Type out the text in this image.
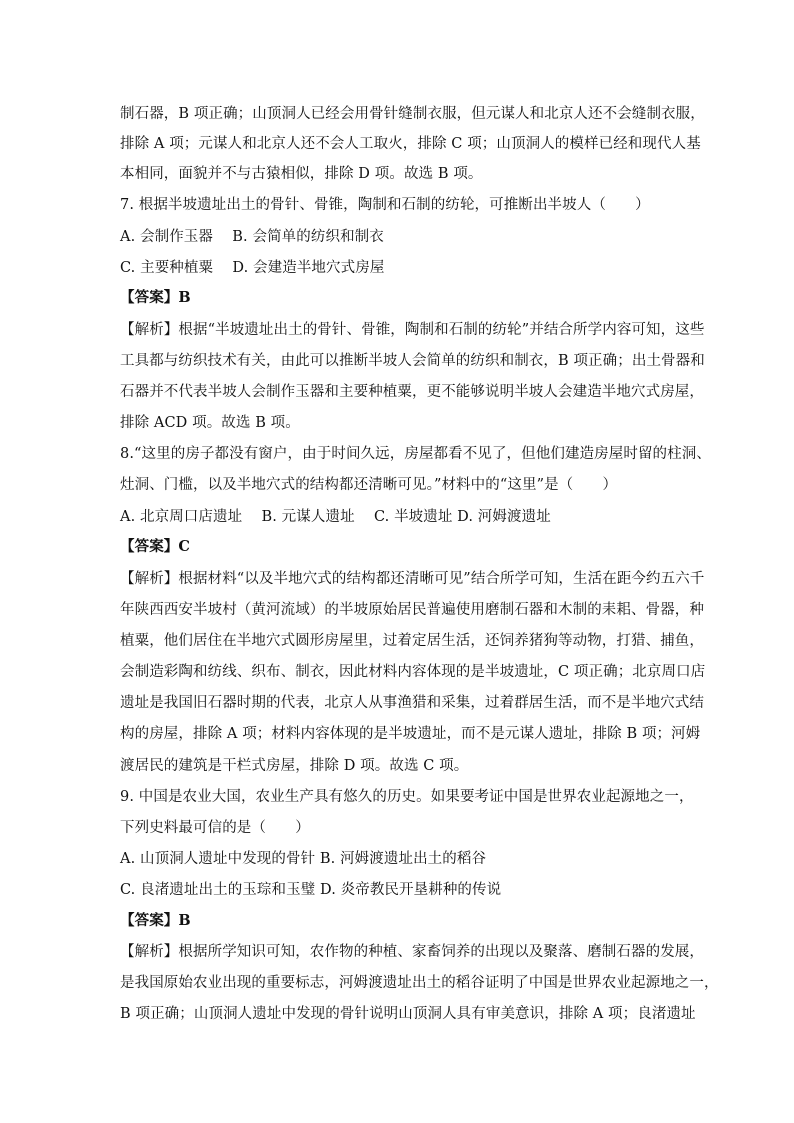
制石器，B 项正确；山顶洞人已经会用骨针缝制衣服，但元谋人和北京人还不会缝制衣服，
排除 A 项；元谋人和北京人还不会人工取火，排除 C 项；山顶洞人的模样已经和现代人基
本相同，面貌并不与古猿相似，排除 D 项。故选 B 项。
7. 根据半坡遗址出土的骨针、骨锥，陶制和石制的纺轮，可推断出半坡人（　　）
A. 会制作玉器　 B. 会简单的纺织和制衣
C. 主要种植粟　 D. 会建造半地穴式房屋
【答案】B
【解析】根据“半坡遗址出土的骨针、骨锥，陶制和石制的纺轮”并结合所学内容可知，这些
工具都与纺织技术有关，由此可以推断半坡人会简单的纺织和制衣，B 项正确；出土骨器和
石器并不代表半坡人会制作玉器和主要种植粟，更不能够说明半坡人会建造半地穴式房屋，
排除 ACD 项。故选 B 项。
8.“这里的房子都没有窗户，由于时间久远，房屋都看不见了，但他们建造房屋时留的柱洞、
灶洞、门槛，以及半地穴式的结构都还清晰可见。”材料中的“这里”是（　　）
A. 北京周口店遗址　 B. 元谋人遗址　 C. 半坡遗址 D. 河姆渡遗址
【答案】C
【解析】根据材料“以及半地穴式的结构都还清晰可见”结合所学可知，生活在距今约五六千
年陕西西安半坡村（黄河流域）的半坡原始居民普遍使用磨制石器和木制的耒耜、骨器，种
植粟，他们居住在半地穴式圆形房屋里，过着定居生活，还饲养猪狗等动物，打猎、捕鱼，
会制造彩陶和纺线、织布、制衣，因此材料内容体现的是半坡遗址，C 项正确；北京周口店
遗址是我国旧石器时期的代表，北京人从事渔猎和采集，过着群居生活，而不是半地穴式结
构的房屋，排除 A 项；材料内容体现的是半坡遗址，而不是元谋人遗址，排除 B 项；河姆
渡居民的建筑是干栏式房屋，排除 D 项。故选 C 项。
9. 中国是农业大国，农业生产具有悠久的历史。如果要考证中国是世界农业起源地之一，
下列史料最可信的是（　　）
A. 山顶洞人遗址中发现的骨针 B. 河姆渡遗址出土的稻谷
C. 良渚遗址出土的玉琮和玉璧 D. 炎帝教民开垦耕种的传说
【答案】B
【解析】根据所学知识可知，农作物的种植、家畜饲养的出现以及聚落、磨制石器的发展，
是我国原始农业出现的重要标志，河姆渡遗址出土的稻谷证明了中国是世界农业起源地之一，
B 项正确；山顶洞人遗址中发现的骨针说明山顶洞人具有审美意识，排除 A 项；良渚遗址
